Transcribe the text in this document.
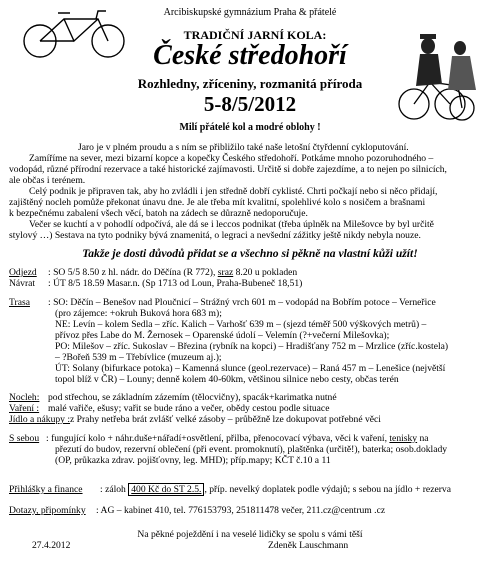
Arcibiskupské gymnázium Praha & přátelé
TRADIČNÍ JARNÍ KOLA:
České středohoří
Rozhledny, zříceniny, rozmanitá příroda
5-8/5/2012
Milí přátelé kol a modré oblohy !
Jaro je v plném proudu a s ním se přibližilo také naše letošní čtyřdenní cykloputování.
Zamíříme na sever, mezi bizarní kopce a kopečky Českého středohoří. Potkáme mnoho pozoruhodného –
vodopád, různé přírodní rezervace a také historické zajímavosti. Určitě si dobře zajezdíme, a to nejen po silnicích,
ale občas i terénem.
Celý podnik je připraven tak, aby ho zvládli i jen středně dobří cyklisté. Chrti počkají nebo si něco přidají,
zajištěný nocleh pomůže překonat únavu dne. Je ale třeba mít kvalitní, spolehlivé kolo s nosičem a brašnami
k bezpečnému zabalení všech věcí, batoh na zádech se důrazně nedoporučuje.
Večer se kuchtí a v pohodlí odpočívá, ale dá se i leccos podnikat (třeba úplněk na Milešovce by byl určitě
stylový …) Sestava na tyto podniky bývá znamenitá, o legraci a nevšední zážitky ještě nikdy nebyla nouze.
Takže je dosti důvodů přidat se a všechno si pěkně na vlastní kůži užít!
Odjezd : SO 5/5 8.50 z hl. nádr. do Děčína (R 772), sraz 8.20 u pokladen
Návrat : ÚT 8/5 18.59 Masar.n. (Sp 1713 od Loun, Praha-Bubeneč 18,51)
Trasa : SO: Děčín – Benešov nad Ploučnicí – Strážný vrch 601 m – vodopád na Bobřím potoce – Verneřice
(pro zájemce: +okruh Buková hora 683 m);
NE: Levín – kolem Sedla – zříc. Kalich – Varhošť 639 m – (sjezd téměř 500 výškových metrů) –
přívoz přes Labe do M. Žernosek – Oparenské údolí – Velemín (?+večerní Milešovka);
PO: Milešov – zříc. Sukoslav – Březina (rybník na kopci) – Hradišťany 752 m – Mrzlice (zříc.kostela)
– ?Bořeň 539 m – Třebívlice (muzeum aj.);
ÚT: Solany (bifurkace potoka) – Kamenná slunce (geol.rezervace) – Raná 457 m – Lenešice (největší
topol blíž v ČR) – Louny; denně kolem 40-60km, většinou silnice nebo cesty, občas terén
Nocleh: pod střechou, se základním zázemím (tělocvičny), spacák+karimatka nutné
Vaření : malé vařiče, ešusy; vařit se bude ráno a večer, obědy cestou podle situace
Jídlo a nákupy : z Prahy netřeba brát zvlášť velké zásoby – průběžně lze dokupovat potřebné věci
S sebou : fungující kolo + náhr.duše+nářadí+osvětlení, přilba, přenocovací výbava, věci k vaření, tenisky na
přezutí do budov, rezervní oblečení (při event. promoknutí), plaštěnka (určitě!), baterka; osob.doklady
(OP, průkazka zdrav. pojišťovny, leg. MHD); příp.mapy; KČT č.10 a 11
Přihlášky a finance : záloh 400 Kč do ST 2.5. , příp. nevelký doplatek podle výdajů; s sebou na jídlo + rezerva
Dotazy, připomínky : AG – kabinet 410, tel. 776153793, 251811478 večer, 211.cz@centrum .cz
Na pěkné poježdění i na veselé lidičky se spolu s vámi těší
27.4.2012	Zdeněk Lauschmann
